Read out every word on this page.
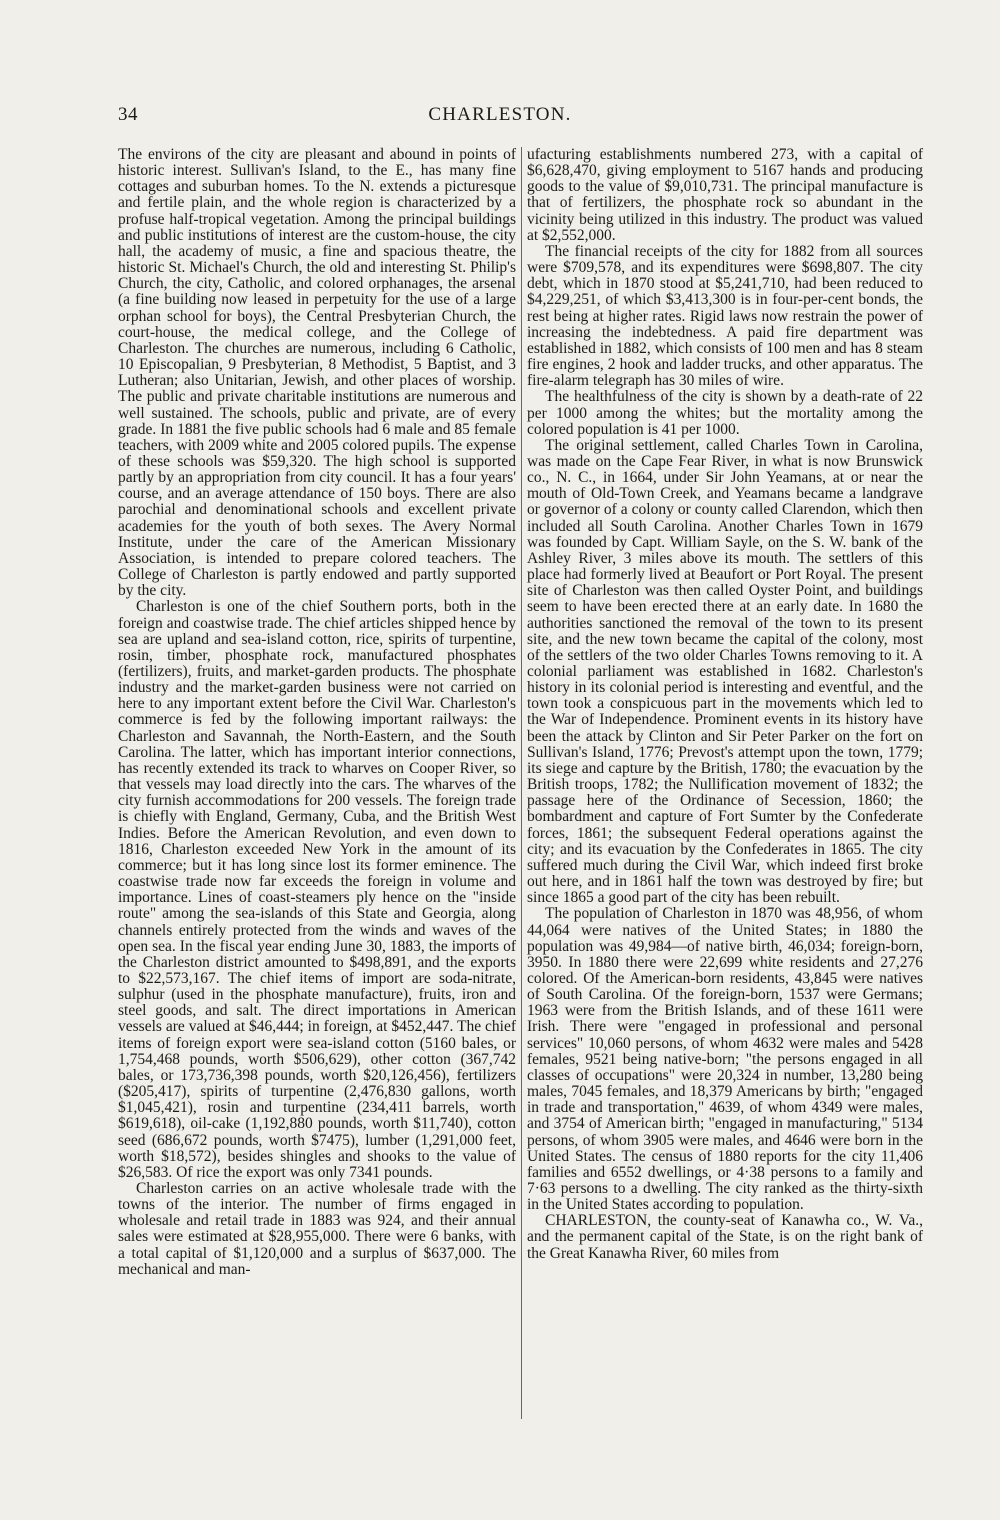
34	CHARLESTON.

The environs of the city are pleasant and abound in points of historic interest. Sullivan's Island, to the E., has many fine cottages and suburban homes. To the N. extends a picturesque and fertile plain, and the whole region is characterized by a profuse half-tropical vegetation. Among the principal buildings and public institutions of interest are the custom-house, the city hall, the academy of music, a fine and spacious theatre, the historic St. Michael's Church, the old and interesting St. Philip's Church, the city, Catholic, and colored orphanages, the arsenal (a fine building now leased in perpetuity for the use of a large orphan school for boys), the Central Presbyterian Church, the court-house, the medical college, and the College of Charleston. The churches are numerous, including 6 Catholic, 10 Episcopalian, 9 Presbyterian, 8 Methodist, 5 Baptist, and 3 Lutheran; also Unitarian, Jewish, and other places of worship. The public and private charitable institutions are numerous and well sustained. The schools, public and private, are of every grade. In 1881 the five public schools had 6 male and 85 female teachers, with 2009 white and 2005 colored pupils. The expense of these schools was $59,320. The high school is supported partly by an appropriation from city council. It has a four years' course, and an average attendance of 150 boys. There are also parochial and denominational schools and excellent private academies for the youth of both sexes. The Avery Normal Institute, under the care of the American Missionary Association, is intended to prepare colored teachers. The College of Charleston is partly endowed and partly supported by the city.

Charleston is one of the chief Southern ports, both in the foreign and coastwise trade. The chief articles shipped hence by sea are upland and sea-island cotton, rice, spirits of turpentine, rosin, timber, phosphate rock, manufactured phosphates (fertilizers), fruits, and market-garden products. The phosphate industry and the market-garden business were not carried on here to any important extent before the Civil War. Charleston's commerce is fed by the following important railways: the Charleston and Savannah, the North-Eastern, and the South Carolina. The latter, which has important interior connections, has recently extended its track to wharves on Cooper River, so that vessels may load directly into the cars. The wharves of the city furnish accommodations for 200 vessels. The foreign trade is chiefly with England, Germany, Cuba, and the British West Indies. Before the American Revolution, and even down to 1816, Charleston exceeded New York in the amount of its commerce; but it has long since lost its former eminence. The coastwise trade now far exceeds the foreign in volume and importance. Lines of coast-steamers ply hence on the "inside route" among the sea-islands of this State and Georgia, along channels entirely protected from the winds and waves of the open sea. In the fiscal year ending June 30, 1883, the imports of the Charleston district amounted to $498,891, and the exports to $22,573,167. The chief items of import are soda-nitrate, sulphur (used in the phosphate manufacture), fruits, iron and steel goods, and salt. The direct importations in American vessels are valued at $46,444; in foreign, at $452,447. The chief items of foreign export were sea-island cotton (5160 bales, or 1,754,468 pounds, worth $506,629), other cotton (367,742 bales, or 173,736,398 pounds, worth $20,126,456), fertilizers ($205,417), spirits of turpentine (2,476,830 gallons, worth $1,045,421), rosin and turpentine (234,411 barrels, worth $619,618), oil-cake (1,192,880 pounds, worth $11,740), cotton seed (686,672 pounds, worth $7475), lumber (1,291,000 feet, worth $18,572), besides shingles and shooks to the value of $26,583. Of rice the export was only 7341 pounds.

Charleston carries on an active wholesale trade with the towns of the interior. The number of firms engaged in wholesale and retail trade in 1883 was 924, and their annual sales were estimated at $28,955,000. There were 6 banks, with a total capital of $1,120,000 and a surplus of $637,000. The mechanical and man-

ufacturing establishments numbered 273, with a capital of $6,628,470, giving employment to 5167 hands and producing goods to the value of $9,010,731. The principal manufacture is that of fertilizers, the phosphate rock so abundant in the vicinity being utilized in this industry. The product was valued at $2,552,000.

The financial receipts of the city for 1882 from all sources were $709,578, and its expenditures were $698,807. The city debt, which in 1870 stood at $5,241,710, had been reduced to $4,229,251, of which $3,413,300 is in four-per-cent bonds, the rest being at higher rates. Rigid laws now restrain the power of increasing the indebtedness. A paid fire department was established in 1882, which consists of 100 men and has 8 steam fire engines, 2 hook and ladder trucks, and other apparatus. The fire-alarm telegraph has 30 miles of wire.

The healthfulness of the city is shown by a death-rate of 22 per 1000 among the whites; but the mortality among the colored population is 41 per 1000.

The original settlement, called Charles Town in Carolina, was made on the Cape Fear River, in what is now Brunswick co., N. C., in 1664, under Sir John Yeamans, at or near the mouth of Old-Town Creek, and Yeamans became a landgrave or governor of a colony or county called Clarendon, which then included all South Carolina. Another Charles Town in 1679 was founded by Capt. William Sayle, on the S. W. bank of the Ashley River, 3 miles above its mouth. The settlers of this place had formerly lived at Beaufort or Port Royal. The present site of Charleston was then called Oyster Point, and buildings seem to have been erected there at an early date. In 1680 the authorities sanctioned the removal of the town to its present site, and the new town became the capital of the colony, most of the settlers of the two older Charles Towns removing to it. A colonial parliament was established in 1682. Charleston's history in its colonial period is interesting and eventful, and the town took a conspicuous part in the movements which led to the War of Independence. Prominent events in its history have been the attack by Clinton and Sir Peter Parker on the fort on Sullivan's Island, 1776; Prevost's attempt upon the town, 1779; its siege and capture by the British, 1780; the evacuation by the British troops, 1782; the Nullification movement of 1832; the passage here of the Ordinance of Secession, 1860; the bombardment and capture of Fort Sumter by the Confederate forces, 1861; the subsequent Federal operations against the city; and its evacuation by the Confederates in 1865. The city suffered much during the Civil War, which indeed first broke out here, and in 1861 half the town was destroyed by fire; but since 1865 a good part of the city has been rebuilt.

The population of Charleston in 1870 was 48,956, of whom 44,064 were natives of the United States; in 1880 the population was 49,984—of native birth, 46,034; foreign-born, 3950. In 1880 there were 22,699 white residents and 27,276 colored. Of the American-born residents, 43,845 were natives of South Carolina. Of the foreign-born, 1537 were Germans; 1963 were from the British Islands, and of these 1611 were Irish. There were "engaged in professional and personal services" 10,060 persons, of whom 4632 were males and 5428 females, 9521 being native-born; "the persons engaged in all classes of occupations" were 20,324 in number, 13,280 being males, 7045 females, and 18,379 Americans by birth; "engaged in trade and transportation," 4639, of whom 4349 were males, and 3754 of American birth; "engaged in manufacturing," 5134 persons, of whom 3905 were males, and 4646 were born in the United States. The census of 1880 reports for the city 11,406 families and 6552 dwellings, or 4·38 persons to a family and 7·63 persons to a dwelling. The city ranked as the thirty-sixth in the United States according to population.

CHARLESTON, the county-seat of Kanawha co., W. Va., and the permanent capital of the State, is on the right bank of the Great Kanawha River, 60 miles from
